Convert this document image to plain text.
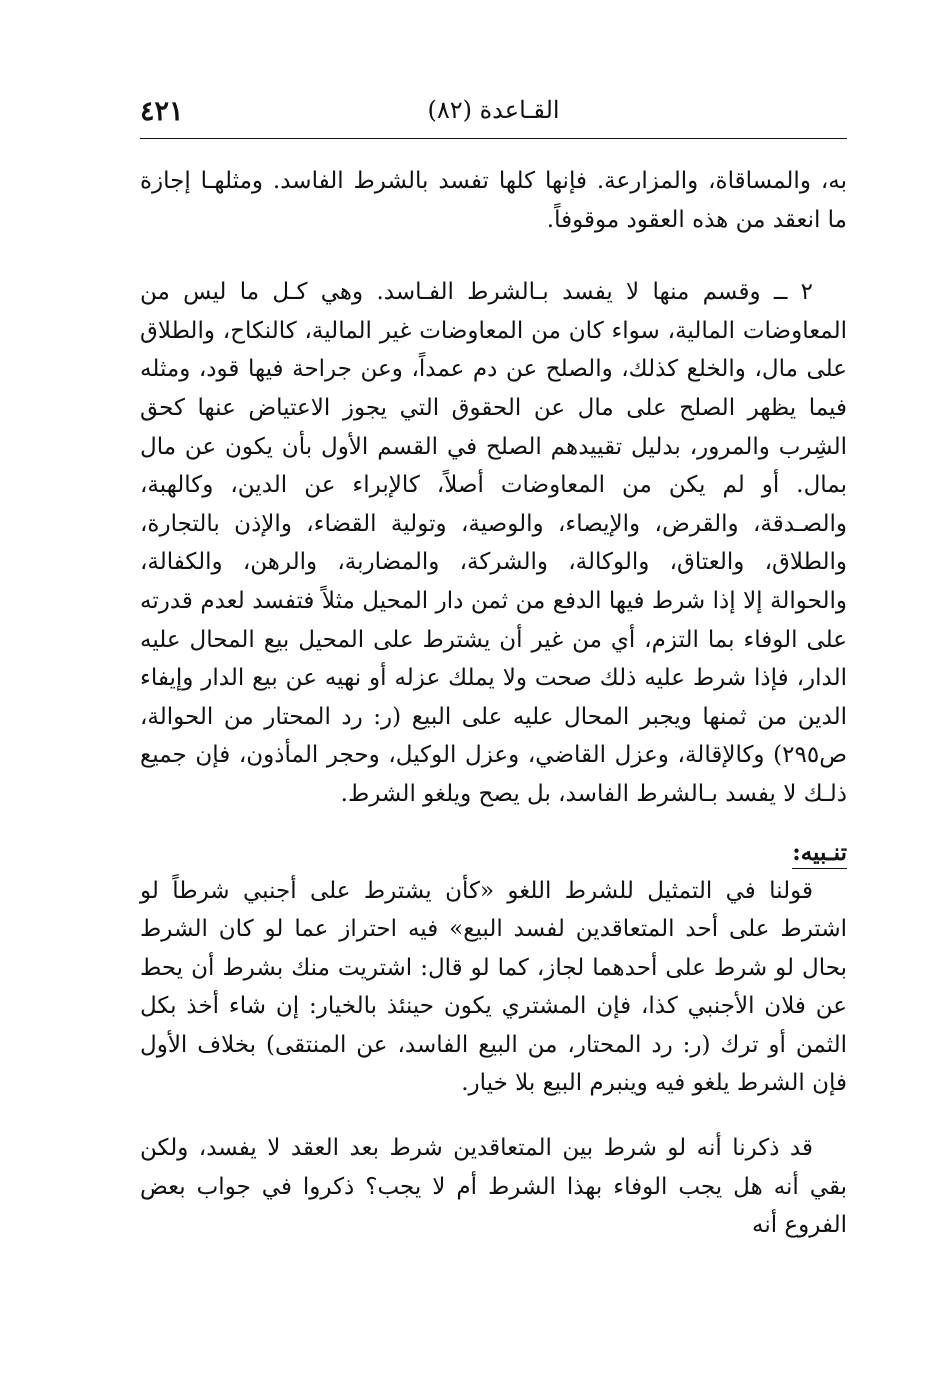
٤٢١	القـاعدة (٨٢)

به، والمساقاة، والمزارعة. فإنها كلها تفسد بالشرط الفاسد. ومثلهـا إجازة ما انعقد من هذه العقود موقوفاً.

٢ ــ وقسم منها لا يفسد بـالشرط الفـاسد. وهي كـل ما ليس من المعاوضات المالية، سواء كان من المعاوضات غير المالية، كالنكاح، والطلاق على مال، والخلع كذلك، والصلح عن دم عمداً، وعن جراحة فيها قود، ومثله فيما يظهر الصلح على مال عن الحقوق التي يجوز الاعتياض عنها كحق الشِرب والمرور، بدليل تقييدهم الصلح في القسم الأول بأن يكون عن مال بمال. أو لم يكن من المعاوضات أصلاً، كالإبراء عن الدين، وكالهبة، والصـدقة، والقرض، والإيصاء، والوصية، وتولية القضاء، والإذن بالتجارة، والطلاق، والعتاق، والوكالة، والشركة، والمضاربة، والرهن، والكفالة، والحوالة إلا إذا شرط فيها الدفع من ثمن دار المحيل مثلاً فتفسد لعدم قدرته على الوفاء بما التزم، أي من غير أن يشترط على المحيل بيع المحال عليه الدار، فإذا شرط عليه ذلك صحت ولا يملك عزله أو نهيه عن بيع الدار وإيفاء الدين من ثمنها ويجبر المحال عليه على البيع (ر: رد المحتار من الحوالة، ص٢٩٥) وكالإقالة، وعزل القاضي، وعزل الوكيل، وحجر المأذون، فإن جميع ذلـك لا يفسد بـالشرط الفاسد، بل يصح ويلغو الشرط.

تنـبيه:

قولنا في التمثيل للشرط اللغو «كأن يشترط على أجنبي شرطاً لو اشترط على أحد المتعاقدين لفسد البيع» فيه احتراز عما لو كان الشرط بحال لو شرط على أحدهما لجاز، كما لو قال: اشتريت منك بشرط أن يحط عن فلان الأجنبي كذا، فإن المشتري يكون حينئذ بالخيار: إن شاء أخذ بكل الثمن أو ترك (ر: رد المحتار، من البيع الفاسد، عن المنتقى) بخلاف الأول فإن الشرط يلغو فيه وينبرم البيع بلا خيار.

قد ذكرنا أنه لو شرط بين المتعاقدين شرط بعد العقد لا يفسد، ولكن بقي أنه هل يجب الوفاء بهذا الشرط أم لا يجب؟ ذكروا في جواب بعض الفروع أنه
